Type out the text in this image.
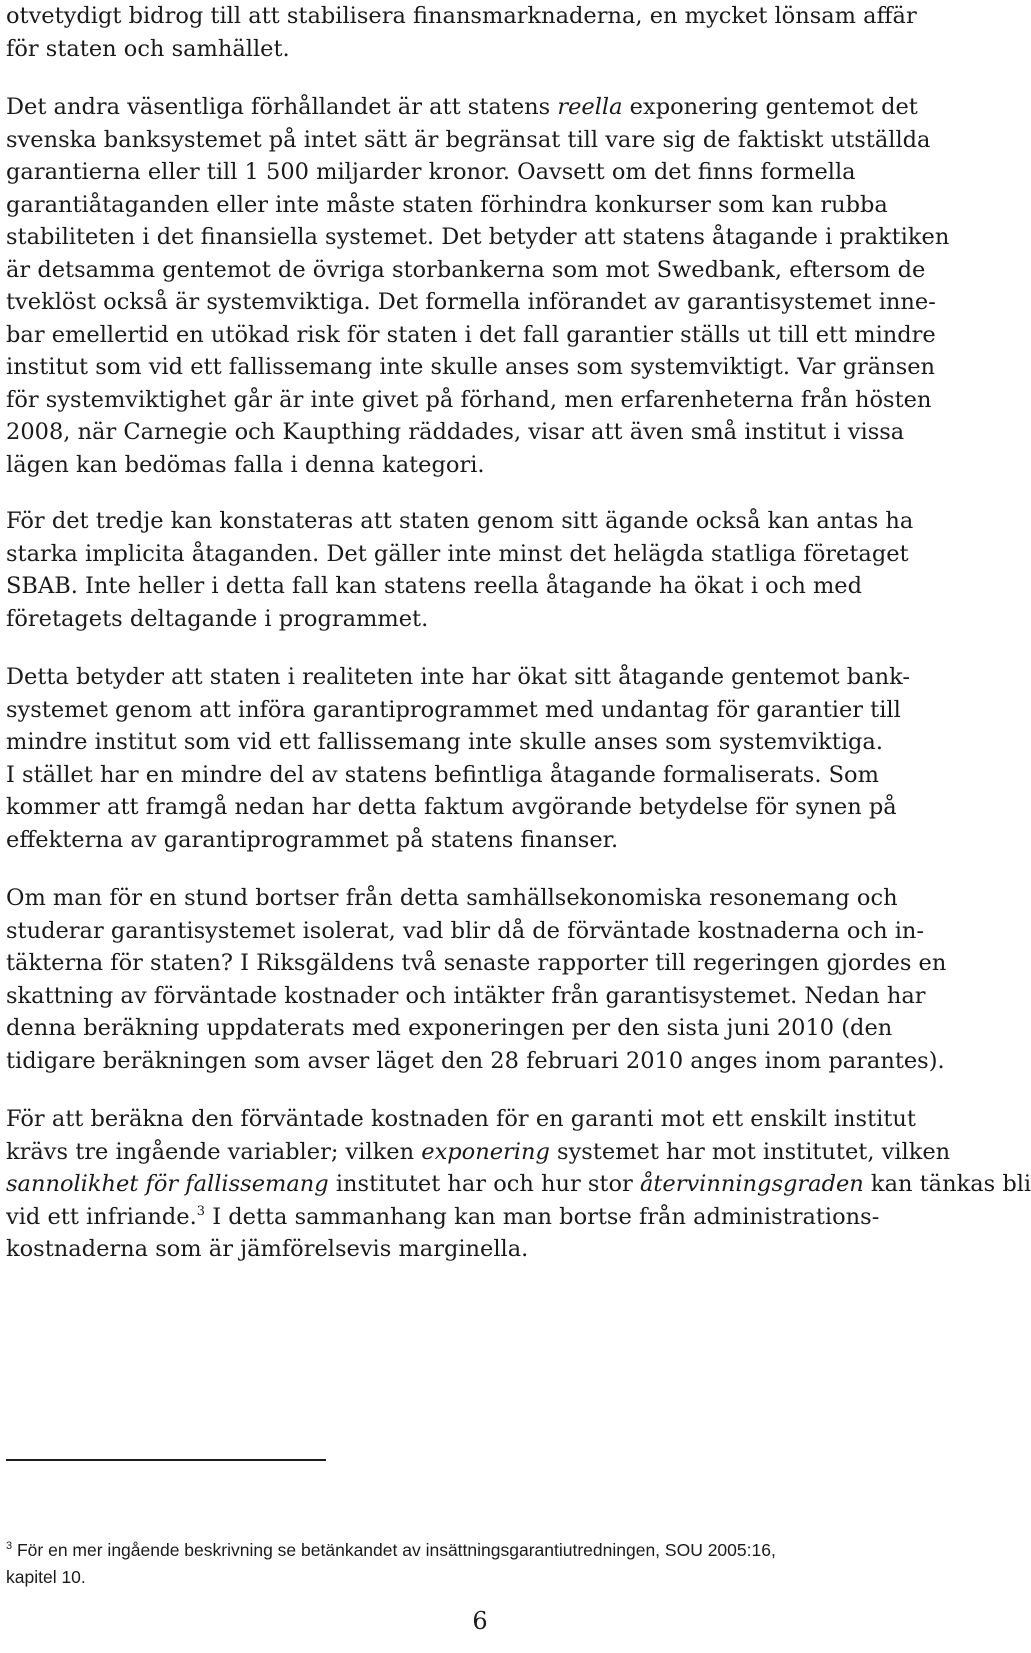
otvetydigt bidrog till att stabilisera finansmarknaderna, en mycket lönsam affär
för staten och samhället.
Det andra väsentliga förhållandet är att statens reella exponering gentemot det
svenska banksystemet på intet sätt är begränsat till vare sig de faktiskt utställda
garantierna eller till 1 500 miljarder kronor. Oavsett om det finns formella
garantiåtaganden eller inte måste staten förhindra konkurser som kan rubba
stabiliteten i det finansiella systemet. Det betyder att statens åtagande i praktiken
är detsamma gentemot de övriga storbankerna som mot Swedbank, eftersom de
tveklöst också är systemviktiga. Det formella införandet av garantisystemet inne-
bar emellertid en utökad risk för staten i det fall garantier ställs ut till ett mindre
institut som vid ett fallissemang inte skulle anses som systemviktigt. Var gränsen
för systemviktighet går är inte givet på förhand, men erfarenheterna från hösten
2008, när Carnegie och Kaupthing räddades, visar att även små institut i vissa
lägen kan bedömas falla i denna kategori.
För det tredje kan konstateras att staten genom sitt ägande också kan antas ha
starka implicita åtaganden. Det gäller inte minst det helägda statliga företaget
SBAB. Inte heller i detta fall kan statens reella åtagande ha ökat i och med
företagets deltagande i programmet.
Detta betyder att staten i realiteten inte har ökat sitt åtagande gentemot bank-
systemet genom att införa garantiprogrammet med undantag för garantier till
mindre institut som vid ett fallissemang inte skulle anses som systemviktiga.
I stället har en mindre del av statens befintliga åtagande formaliserats. Som
kommer att framgå nedan har detta faktum avgörande betydelse för synen på
effekterna av garantiprogrammet på statens finanser.
Om man för en stund bortser från detta samhällsekonomiska resonemang och
studerar garantisystemet isolerat, vad blir då de förväntade kostnaderna och in-
täkterna för staten? I Riksgäldens två senaste rapporter till regeringen gjordes en
skattning av förväntade kostnader och intäkter från garantisystemet. Nedan har
denna beräkning uppdaterats med exponeringen per den sista juni 2010 (den
tidigare beräkningen som avser läget den 28 februari 2010 anges inom parantes).
För att beräkna den förväntade kostnaden för en garanti mot ett enskilt institut
krävs tre ingående variabler; vilken exponering systemet har mot institutet, vilken
sannolikhet för fallissemang institutet har och hur stor återvinningsgraden kan tänkas bli
vid ett infriande.$^3$ I detta sammanhang kan man bortse från administrations-
kostnaderna som är jämförelsevis marginella.
$^3$ För en mer ingående beskrivning se betänkandet av insättningsgarantiutredningen, SOU 2005:16,
kapitel 10.
6
